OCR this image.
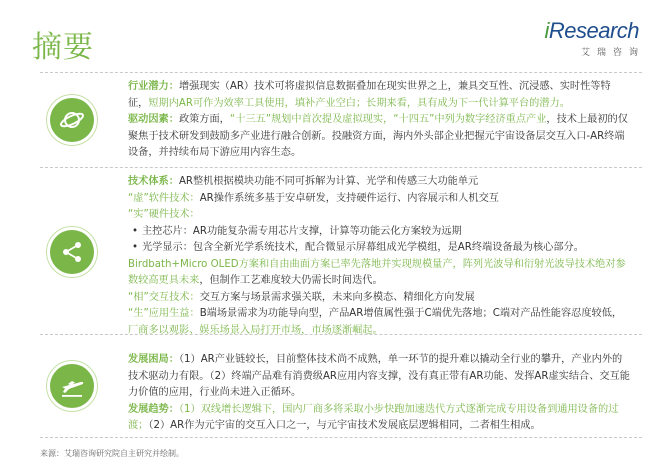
摘要	iResearch
艾瑞咨询

行业潜力：增强现实（AR）技术可将虚拟信息数据叠加在现实世界之上，兼具交互性、沉浸感、实时性等特征，短期内AR可作为效率工具使用，填补产业空白；长期来看，具有成为下一代计算平台的潜力。

驱动因素：政策方面，“十三五”规划中首次提及虚拟现实，“十四五”中列为数字经济重点产业，技术上最初的仅聚焦于技术研发到鼓励多产业进行融合创新。投融资方面，海内外头部企业把握元宇宙设备层交互入口-AR终端设备，并持续布局下游应用内容生态。

技术体系：AR整机根据模块功能不同可拆解为计算、光学和传感三大功能单元

“虚”软件技术：AR操作系统多基于安卓研发，支持硬件运行、内容展示和人机交互

“实”硬件技术：

• 主控芯片：AR功能复杂需专用芯片支撑，计算等功能云化方案较为远期

• 光学显示：包含全新光学系统技术，配合微显示屏幕组成光学模组，是AR终端设备最为核心部分。

Birdbath+Micro OLED方案和自由曲面方案已率先落地并实现规模量产，阵列光波导和衍射光波导技术绝对参数较高更具未来，但制作工艺难度较大仍需长时间迭代。

“相”交互技术：交互方案与场景需求强关联，未来向多模态、精细化方向发展

“生”应用生益：B端场景需求为功能导向型，产品AR增值属性强于C端优先落地；C端对产品性能容忍度较低，厂商多以观影、娱乐场景入局打开市场，市场逐渐崛起。

发展困局：（1）AR产业链较长，目前整体技术尚不成熟，单一环节的提升难以撬动全行业的攀升，产业内外的技术驱动力有限。（2）终端产品难有消费级AR应用内容支撑，没有真正带有AR功能、发挥AR虚实结合、交互能力价值的应用，行业尚未进入正循环。

发展趋势：（1）双线增长逻辑下，国内厂商多将采取小步快跑加速迭代方式逐渐完成专用设备到通用设备的过渡；（2）AR作为元宇宙的交互入口之一，与元宇宙技术发展底层逻辑相同，二者相生相成。

来源：艾瑞咨询研究院自主研究并绘制。
